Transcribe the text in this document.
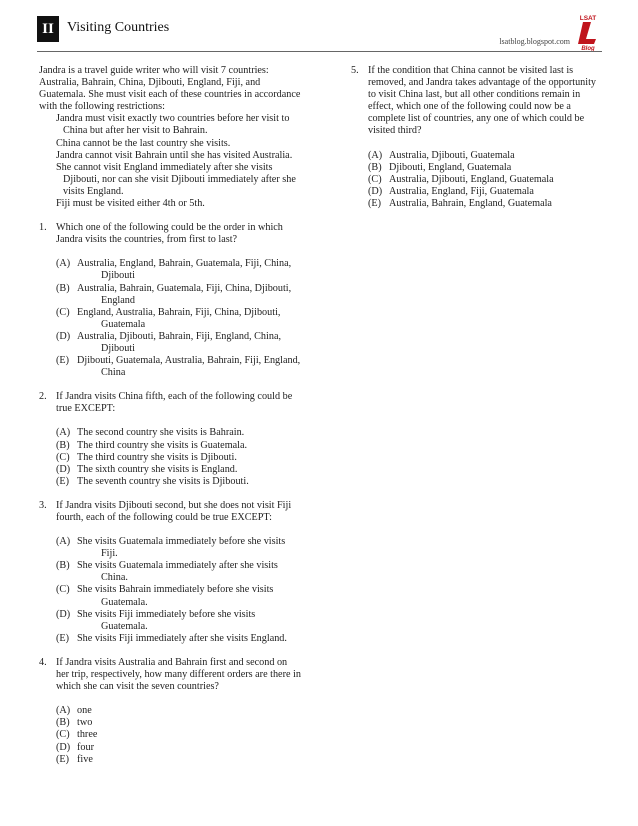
II Visiting Countries
lsatblog.blogspot.com
LSAT
Blog
Jandra is a travel guide writer who will visit 7 countries: Australia, Bahrain, China, Djibouti, England, Fiji, and Guatemala. She must visit each of these countries in accordance with the following restrictions:
Jandra must visit exactly two countries before her visit to China but after her visit to Bahrain.
China cannot be the last country she visits.
Jandra cannot visit Bahrain until she has visited Australia.
She cannot visit England immediately after she visits Djibouti, nor can she visit Djibouti immediately after she visits England.
Fiji must be visited either 4th or 5th.
1. Which one of the following could be the order in which Jandra visits the countries, from first to last?
(A) Australia, England, Bahrain, Guatemala, Fiji, China, Djibouti
(B) Australia, Bahrain, Guatemala, Fiji, China, Djibouti, England
(C) England, Australia, Bahrain, Fiji, China, Djibouti, Guatemala
(D) Australia, Djibouti, Bahrain, Fiji, England, China, Djibouti
(E) Djibouti, Guatemala, Australia, Bahrain, Fiji, England, China
2. If Jandra visits China fifth, each of the following could be true EXCEPT:
(A) The second country she visits is Bahrain.
(B) The third country she visits is Guatemala.
(C) The third country she visits is Djibouti.
(D) The sixth country she visits is England.
(E) The seventh country she visits is Djibouti.
3. If Jandra visits Djibouti second, but she does not visit Fiji fourth, each of the following could be true EXCEPT:
(A) She visits Guatemala immediately before she visits Fiji.
(B) She visits Guatemala immediately after she visits China.
(C) She visits Bahrain immediately before she visits Guatemala.
(D) She visits Fiji immediately before she visits Guatemala.
(E) She visits Fiji immediately after she visits England.
4. If Jandra visits Australia and Bahrain first and second on her trip, respectively, how many different orders are there in which she can visit the seven countries?
(A) one
(B) two
(C) three
(D) four
(E) five
5. If the condition that China cannot be visited last is removed, and Jandra takes advantage of the opportunity to visit China last, but all other conditions remain in effect, which one of the following could now be a complete list of countries, any one of which could be visited third?
(A) Australia, Djibouti, Guatemala
(B) Djibouti, England, Guatemala
(C) Australia, Djibouti, England, Guatemala
(D) Australia, England, Fiji, Guatemala
(E) Australia, Bahrain, England, Guatemala
